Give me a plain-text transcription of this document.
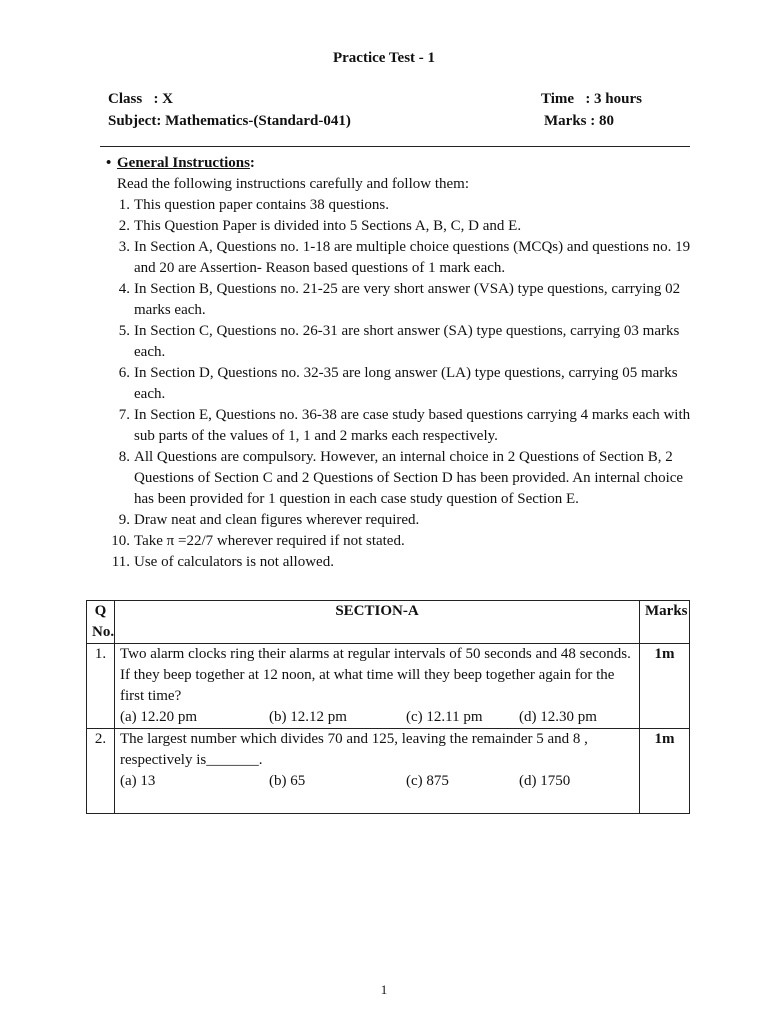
Practice Test - 1
Class : X	Time : 3 hours
Subject: Mathematics-(Standard-041)	Marks : 80
• General Instructions:
Read the following instructions carefully and follow them:
1. This question paper contains 38 questions.
2. This Question Paper is divided into 5 Sections A, B, C, D and E.
3. In Section A, Questions no. 1-18 are multiple choice questions (MCQs) and questions no. 19 and 20 are Assertion- Reason based questions of 1 mark each.
4. In Section B, Questions no. 21-25 are very short answer (VSA) type questions, carrying 02 marks each.
5. In Section C, Questions no. 26-31 are short answer (SA) type questions, carrying 03 marks each.
6. In Section D, Questions no. 32-35 are long answer (LA) type questions, carrying 05 marks each.
7. In Section E, Questions no. 36-38 are case study based questions carrying 4 marks each with sub parts of the values of 1, 1 and 2 marks each respectively.
8. All Questions are compulsory. However, an internal choice in 2 Questions of Section B, 2 Questions of Section C and 2 Questions of Section D has been provided. An internal choice has been provided for 1 question in each case study question of Section E.
9. Draw neat and clean figures wherever required.
10. Take π =22/7 wherever required if not stated.
11. Use of calculators is not allowed.
Q No.	SECTION-A	Marks
1.	Two alarm clocks ring their alarms at regular intervals of 50 seconds and 48 seconds. If they beep together at 12 noon, at what time will they beep together again for the first time?
(a) 12.20 pm (b) 12.12 pm (c) 12.11 pm (d) 12.30 pm	1m
2.	The largest number which divides 70 and 125, leaving the remainder 5 and 8 , respectively is_______.
(a) 13 (b) 65 (c) 875 (d) 1750	1m
1
